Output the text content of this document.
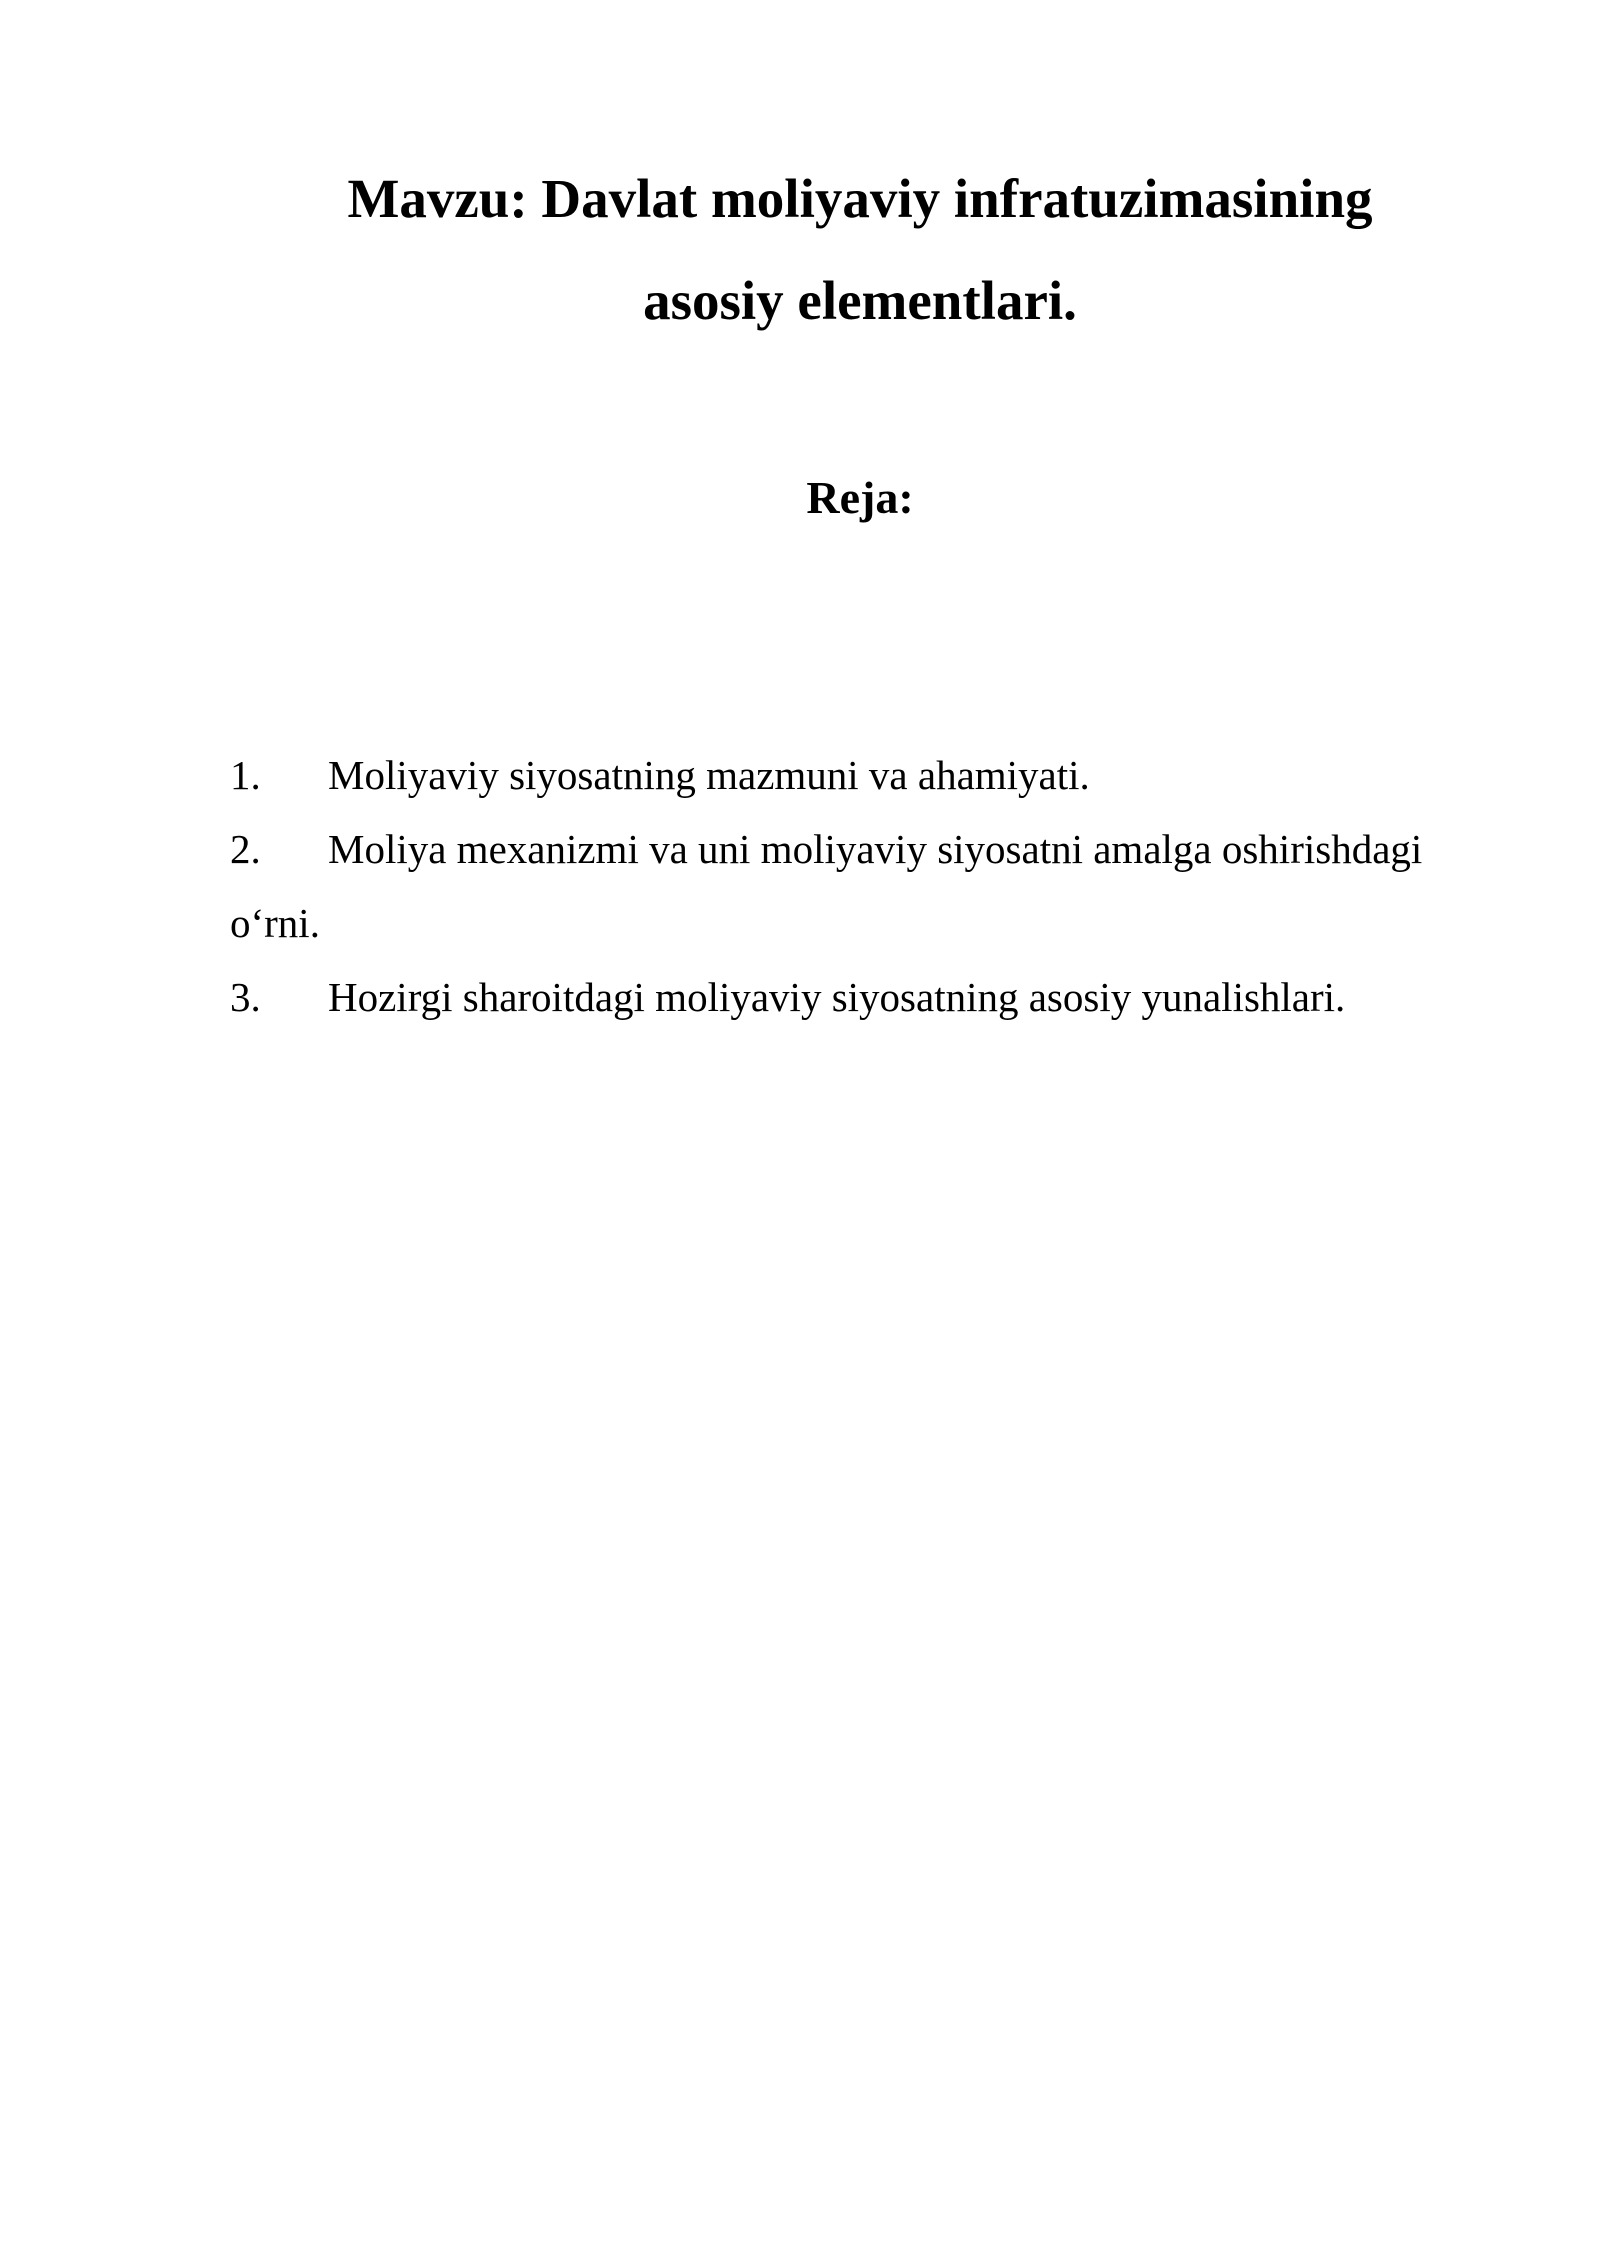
Mavzu: Davlat moliyaviy infratuzimasining
asosiy elementlari.
Reja:
1. Moliyaviy siyosatning mazmuni va ahamiyati.
2. Moliya mexanizmi va uni moliyaviy siyosatni amalga oshirishdagi o‘rni.
3. Hozirgi sharoitdagi moliyaviy siyosatning asosiy yunalishlari.
